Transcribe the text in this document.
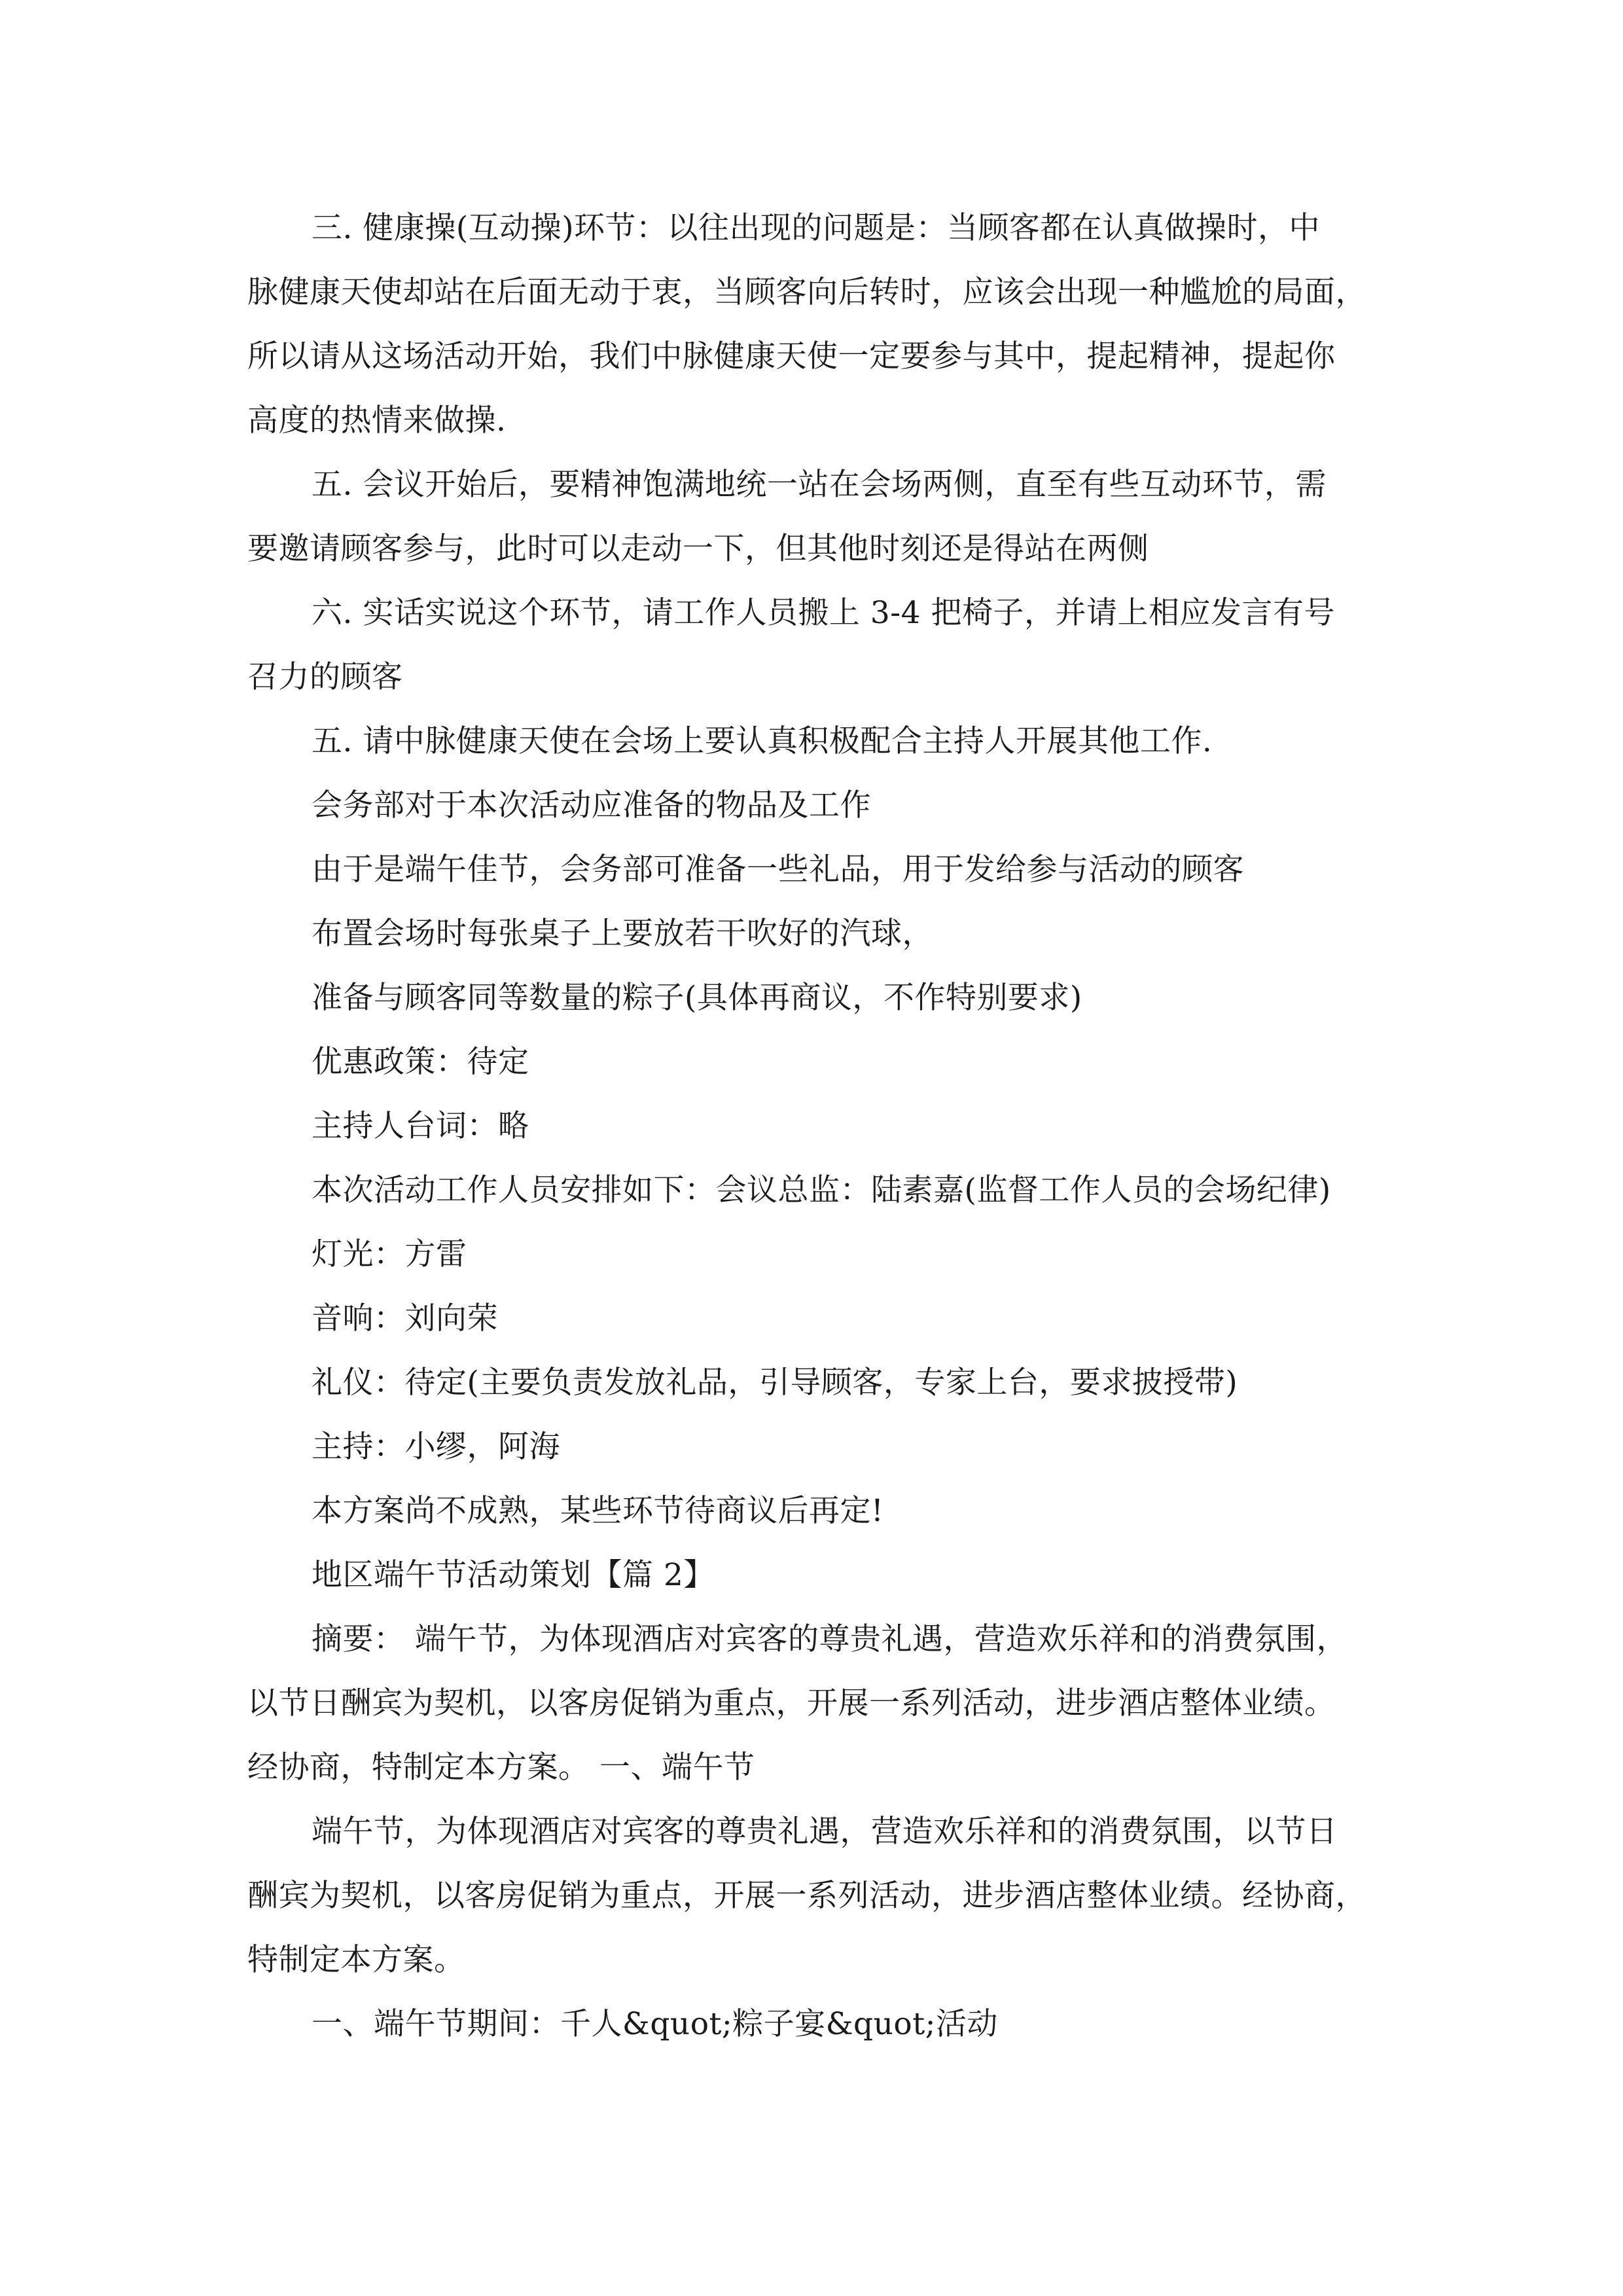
三. 健康操(互动操)环节：以往出现的问题是：当顾客都在认真做操时，中
脉健康天使却站在后面无动于衷，当顾客向后转时，应该会出现一种尴尬的局面，
所以请从这场活动开始，我们中脉健康天使一定要参与其中，提起精神，提起你
高度的热情来做操.
五. 会议开始后，要精神饱满地统一站在会场两侧，直至有些互动环节，需
要邀请顾客参与，此时可以走动一下，但其他时刻还是得站在两侧
六. 实话实说这个环节，请工作人员搬上 3-4 把椅子，并请上相应发言有号
召力的顾客
五. 请中脉健康天使在会场上要认真积极配合主持人开展其他工作.
会务部对于本次活动应准备的物品及工作
由于是端午佳节，会务部可准备一些礼品，用于发给参与活动的顾客
布置会场时每张桌子上要放若干吹好的汽球，
准备与顾客同等数量的粽子(具体再商议，不作特别要求)
优惠政策：待定
主持人台词：略
本次活动工作人员安排如下：会议总监：陆素嘉(监督工作人员的会场纪律)
灯光：方雷
音响：刘向荣
礼仪：待定(主要负责发放礼品，引导顾客，专家上台，要求披授带)
主持：小缪，阿海
本方案尚不成熟，某些环节待商议后再定!
地区端午节活动策划【篇 2】
摘要： 端午节，为体现酒店对宾客的尊贵礼遇，营造欢乐祥和的消费氛围，
以节日酬宾为契机，以客房促销为重点，开展一系列活动，进步酒店整体业绩。
经协商，特制定本方案。 一、端午节
端午节，为体现酒店对宾客的尊贵礼遇，营造欢乐祥和的消费氛围，以节日
酬宾为契机，以客房促销为重点，开展一系列活动，进步酒店整体业绩。经协商，
特制定本方案。
一、端午节期间：千人&quot;粽子宴&quot;活动
